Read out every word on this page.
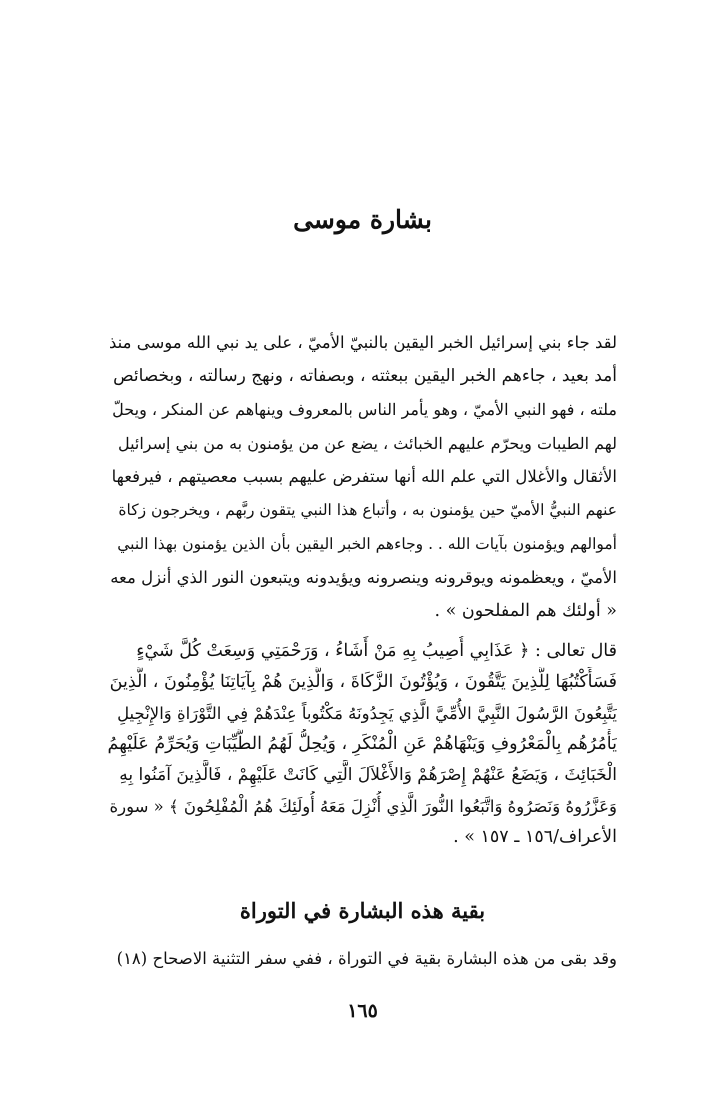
بشارة موسى
لقد جاء بني إسرائيل الخبر اليقين بالنبيّ الأميّ ، على يد نبي الله موسى منذ
أمد بعيد ، جاءهم الخبر اليقين ببعثته ، وبصفاته ، ونهج رسالته ، وبخصائص
ملته ، فهو النبي الأميّ ، وهو يأمر الناس بالمعروف وينهاهم عن المنكر ، ويحلّ
لهم الطيبات ويحرّم عليهم الخبائث ، يضع عن من يؤمنون به من بني إسرائيل
الأثقال والأغلال التي علم الله أنها ستفرض عليهم بسبب معصيتهم ، فيرفعها
عنهم النبيُّ الأميّ حين يؤمنون به ، وأتباع هذا النبي يتقون ربَّهم ، ويخرجون زكاة
أموالهم ويؤمنون بآيات الله . . وجاءهم الخبر اليقين بأن الذين يؤمنون بهذا النبي
الأميّ ، ويعظمونه ويوقرونه وينصرونه ويؤيدونه ويتبعون النور الذي أنزل معه
« أولئك هم المفلحون » .
قال تعالى : ﴿ عَذَابِي أُصِيبُ بِهِ مَنْ أَشَاءُ ، وَرَحْمَتِي وَسِعَتْ كُلَّ شَيْءٍ
فَسَأَكْتُبُهَا لِلَّذِينَ يَتَّقُونَ ، وَيُؤْتُونَ الزَّكَاةَ ، وَالَّذِينَ هُمْ بِآيَاتِنَا يُؤْمِنُونَ ، الَّذِينَ
يَتَّبِعُونَ الرَّسُولَ النَّبِيَّ الأُمِّيَّ الَّذِي يَجِدُونَهُ مَكْتُوباً عِنْدَهُمْ فِي التَّوْرَاةِ وَالإِنْجِيلِ
يَأْمُرُهُم بِالْمَعْرُوفِ وَيَنْهَاهُمْ عَنِ الْمُنْكَرِ ، وَيُحِلُّ لَهُمُ الطَّيِّبَاتِ وَيُحَرِّمُ عَلَيْهِمُ
الْخَبَائِثَ ، وَيَضَعُ عَنْهُمْ إِصْرَهُمْ وَالأَغْلاَلَ الَّتِي كَانَتْ عَلَيْهِمْ ، فَالَّذِينَ آمَنُوا بِهِ
وَعَزَّرُوهُ وَنَصَرُوهُ وَاتَّبَعُوا النُّورَ الَّذِي أُنْزِلَ مَعَهُ أُولَئِكَ هُمُ الْمُفْلِحُونَ ﴾ « سورة
الأعراف/١٥٦ ـ ١٥٧ » .
بقية هذه البشارة في التوراة

وقد بقى من هذه البشارة بقية في التوراة ، ففي سفر التثنية الاصحاح (١٨)

١٦٥
